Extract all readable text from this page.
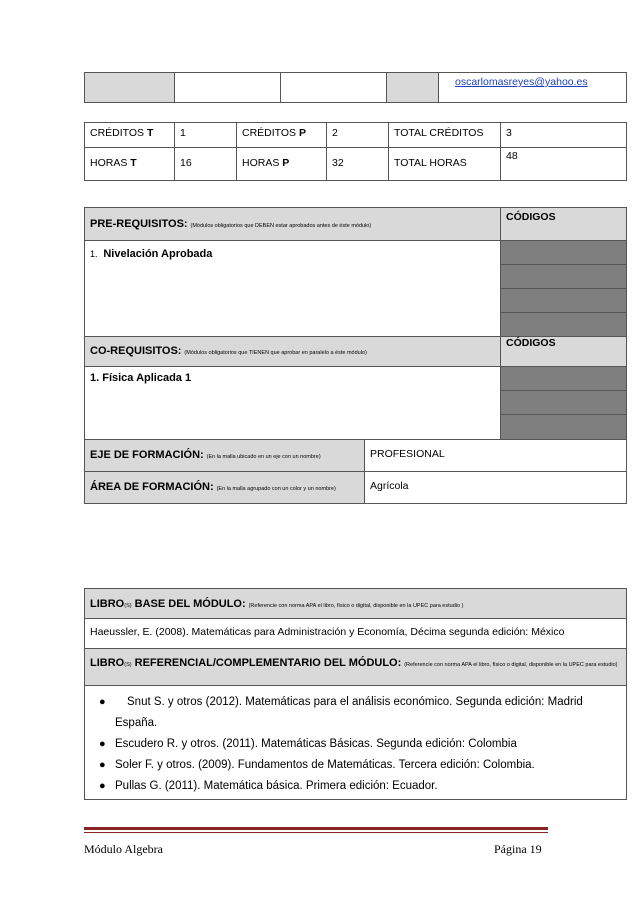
				oscarlomasreyes@yahoo.es
CRÉDITOS T	1	CRÉDITOS P	2	TOTAL CRÉDITOS	3
HORAS T	16	HORAS P	32	TOTAL HORAS	48
PRE-REQUISITOS: (Módulos obligatorios que DEBEN estar aprobados antes de éste módulo)		CÓDIGOS
1. Nivelación Aprobada		

CO-REQUISITOS: (Módulos obligatorios que TIENEN que aprobar en paralelo a éste módulo)		CÓDIGOS
1. Física Aplicada 1		

EJE DE FORMACIÓN: (En la malla ubicado en un eje con un nombre)	PROFESIONAL	
ÁREA DE FORMACIÓN: (En la malla agrupado con un color y un nombre)	Agrícola	
LIBRO(S) BASE DEL MÓDULO: (Referencie con norma APA el libro, físico o digital, disponible en la UPEC para estudio )
Haeussler, E. (2008). Matemáticas para Administración y Economía, Décima segunda edición: México
LIBRO(S) REFERENCIAL/COMPLEMENTARIO DEL MÓDULO: (Referencie con norma APA el libro, físico o digital, disponible en la UPEC para estudio)

● Snut S. y otros (2012). Matemáticas para el análisis económico. Segunda edición: Madrid España.
● Escudero R. y otros. (2011). Matemáticas Básicas. Segunda edición: Colombia
● Soler F. y otros. (2009). Fundamentos de Matemáticas. Tercera edición: Colombia.
● Pullas G. (2011). Matemática básica. Primera edición: Ecuador.
Módulo Algebra	Página 19
